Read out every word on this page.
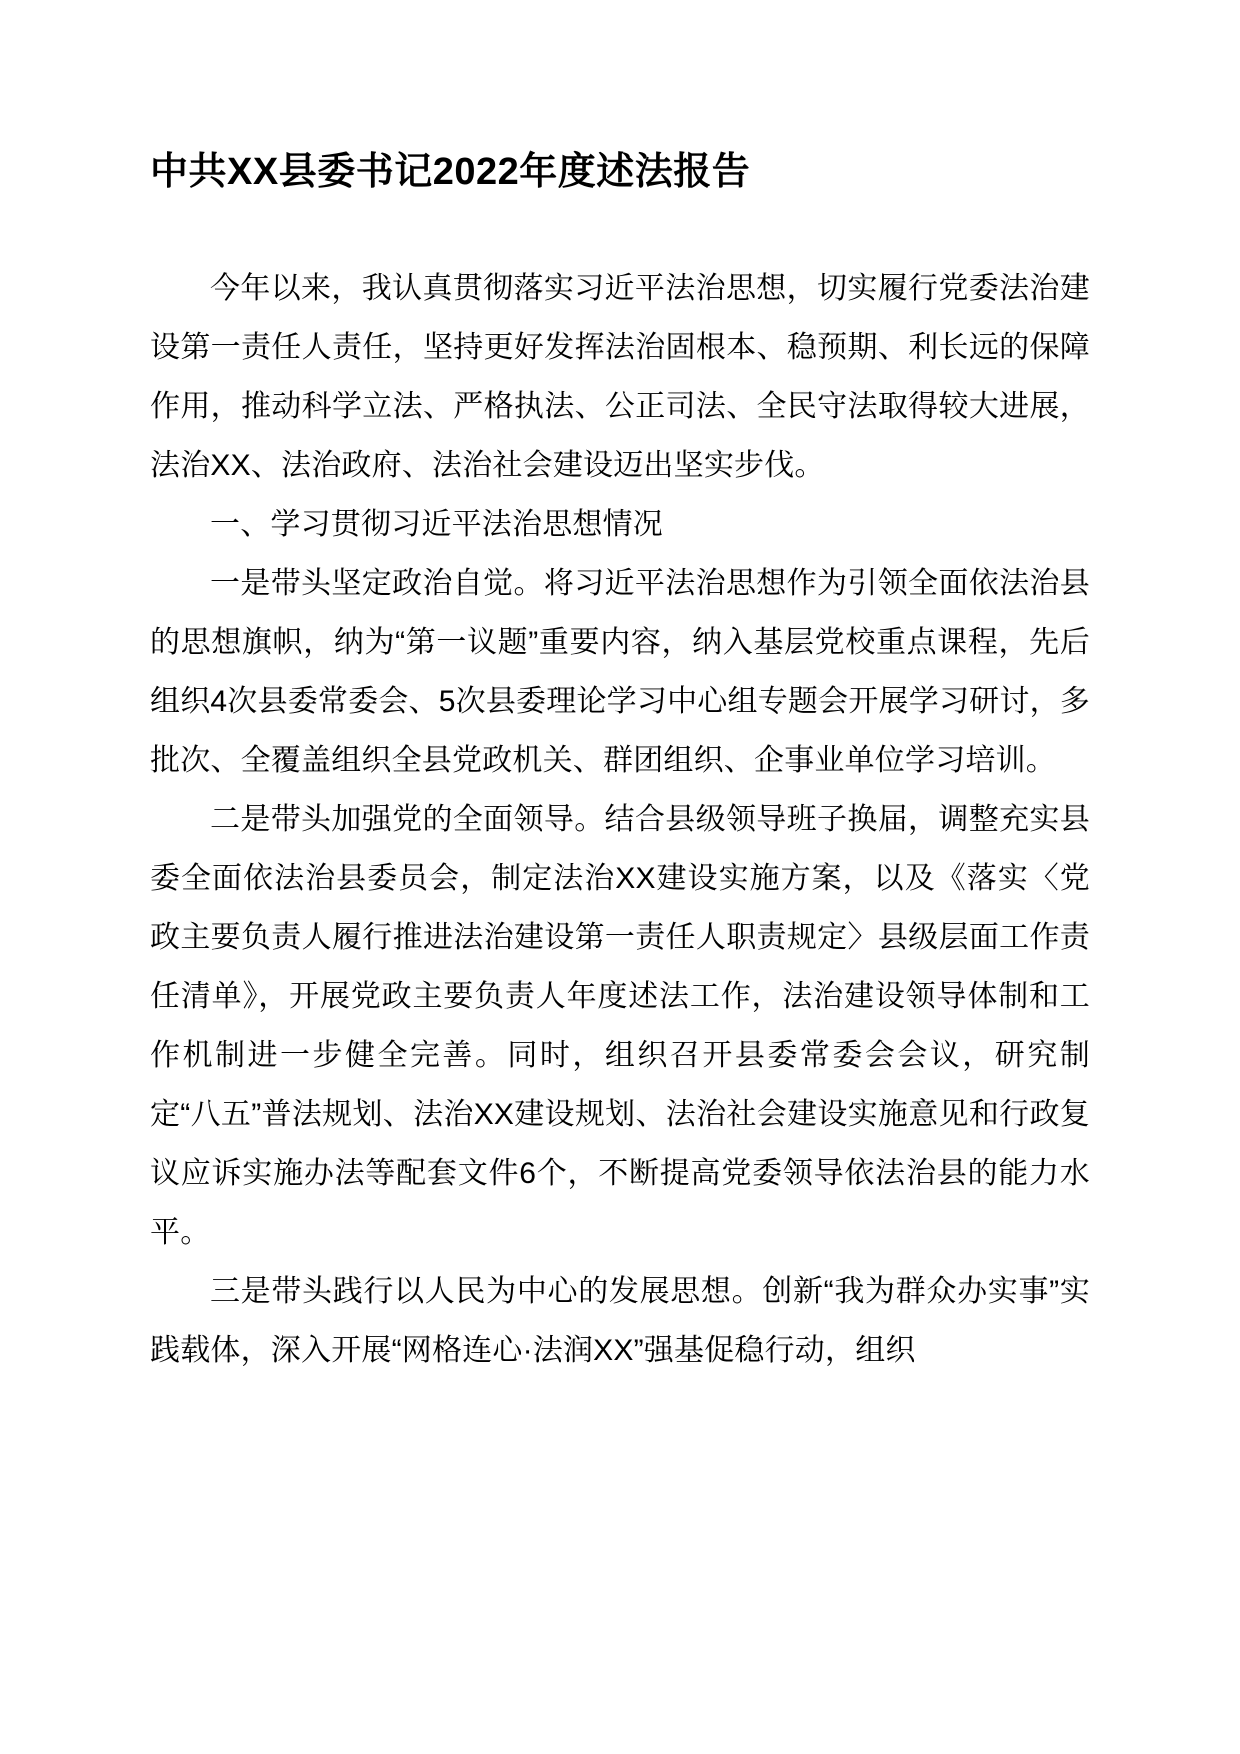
中共XX县委书记2022年度述法报告

今年以来，我认真贯彻落实习近平法治思想，切实履行党委法治建设第一责任人责任，坚持更好发挥法治固根本、稳预期、利长远的保障作用，推动科学立法、严格执法、公正司法、全民守法取得较大进展，法治XX、法治政府、法治社会建设迈出坚实步伐。

一、学习贯彻习近平法治思想情况

一是带头坚定政治自觉。将习近平法治思想作为引领全面依法治县的思想旗帜，纳为“第一议题”重要内容，纳入基层党校重点课程，先后组织4次县委常委会、5次县委理论学习中心组专题会开展学习研讨，多批次、全覆盖组织全县党政机关、群团组织、企事业单位学习培训。

二是带头加强党的全面领导。结合县级领导班子换届，调整充实县委全面依法治县委员会，制定法治XX建设实施方案，以及《落实〈党政主要负责人履行推进法治建设第一责任人职责规定〉县级层面工作责任清单》，开展党政主要负责人年度述法工作，法治建设领导体制和工作机制进一步健全完善。同时，组织召开县委常委会会议，研究制定“八五”普法规划、法治XX建设规划、法治社会建设实施意见和行政复议应诉实施办法等配套文件6个，不断提高党委领导依法治县的能力水平。

三是带头践行以人民为中心的发展思想。创新“我为群众办实事”实践载体，深入开展“网格连心·法润XX”强基促稳行动，组织
